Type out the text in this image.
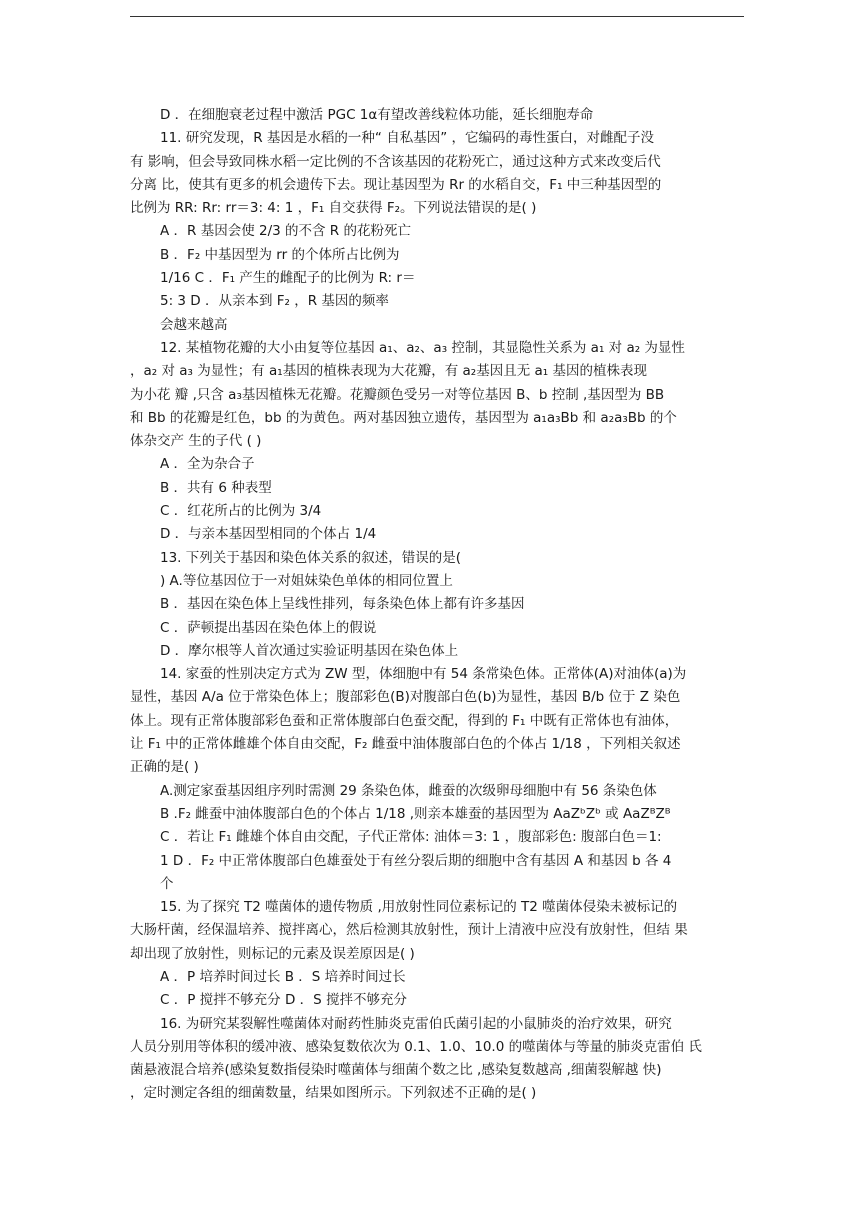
D ．在细胞衰老过程中激活 PGC 1α有望改善线粒体功能，延长细胞寿命
11. 研究发现，R 基因是水稻的一种“ 自私基因” ，它编码的毒性蛋白，对雌配子没
有 影响，但会导致同株水稻一定比例的不含该基因的花粉死亡，通过这种方式来改变后代
分离 比，使其有更多的机会遗传下去。现让基因型为 Rr 的水稻自交，F₁ 中三种基因型的
比例为 RR: Rr: rr＝3: 4: 1 ，F₁ 自交获得 F₂。下列说法错误的是( )
A ．R 基因会使 2/3 的不含 R 的花粉死亡
B ．F₂ 中基因型为 rr 的个体所占比例为
1/16 C ．F₁ 产生的雌配子的比例为 R: r＝
5: 3 D ．从亲本到 F₂ ，R 基因的频率
会越来越高
12. 某植物花瓣的大小由复等位基因 a₁、a₂、a₃ 控制，其显隐性关系为 a₁ 对 a₂ 为显性
，a₂ 对 a₃ 为显性；有 a₁基因的植株表现为大花瓣，有 a₂基因且无 a₁ 基因的植株表现
为小花 瓣 ,只含 a₃基因植株无花瓣。花瓣颜色受另一对等位基因 B、b 控制 ,基因型为 BB
和 Bb 的花瓣是红色，bb 的为黄色。两对基因独立遗传，基因型为 a₁a₃Bb 和 a₂a₃Bb 的个
体杂交产 生的子代 ( )
A ．全为杂合子
B ．共有 6 种表型
C ．红花所占的比例为 3/4
D ．与亲本基因型相同的个体占 1/4
13. 下列关于基因和染色体关系的叙述，错误的是(
) A.等位基因位于一对姐妹染色单体的相同位置上
B ．基因在染色体上呈线性排列，每条染色体上都有许多基因
C ．萨顿提出基因在染色体上的假说
D ．摩尔根等人首次通过实验证明基因在染色体上
14. 家蚕的性别决定方式为 ZW 型，体细胞中有 54 条常染色体。正常体(A)对油体(a)为
显性，基因 A/a 位于常染色体上；腹部彩色(B)对腹部白色(b)为显性，基因 B/b 位于 Z 染色
体上。现有正常体腹部彩色蚕和正常体腹部白色蚕交配，得到的 F₁ 中既有正常体也有油体，
让 F₁ 中的正常体雌雄个体自由交配，F₂ 雌蚕中油体腹部白色的个体占 1/18 ，下列相关叙述
正确的是( )
A.测定家蚕基因组序列时需测 29 条染色体，雌蚕的次级卵母细胞中有 56 条染色体
B .F₂ 雌蚕中油体腹部白色的个体占 1/18 ,则亲本雄蚕的基因型为 AaZᵇZᵇ 或 AaZᴮZᴮ
C ．若让 F₁ 雌雄个体自由交配，子代正常体: 油体＝3: 1 ，腹部彩色: 腹部白色＝1:
1 D ．F₂ 中正常体腹部白色雄蚕处于有丝分裂后期的细胞中含有基因 A 和基因 b 各 4
个
15. 为了探究 T2 噬菌体的遗传物质 ,用放射性同位素标记的 T2 噬菌体侵染未被标记的
大肠杆菌，经保温培养、搅拌离心，然后检测其放射性，预计上清液中应没有放射性，但结 果
却出现了放射性，则标记的元素及误差原因是( )
A ．P 培养时间过长 B ．S 培养时间过长
C ．P 搅拌不够充分 D ．S 搅拌不够充分
16. 为研究某裂解性噬菌体对耐药性肺炎克雷伯氏菌引起的小鼠肺炎的治疗效果，研究
人员分别用等体积的缓冲液、感染复数依次为 0.1、1.0、10.0 的噬菌体与等量的肺炎克雷伯 氏
菌悬液混合培养(感染复数指侵染时噬菌体与细菌个数之比 ,感染复数越高 ,细菌裂解越 快)
，定时测定各组的细菌数量，结果如图所示。下列叙述不正确的是( )
